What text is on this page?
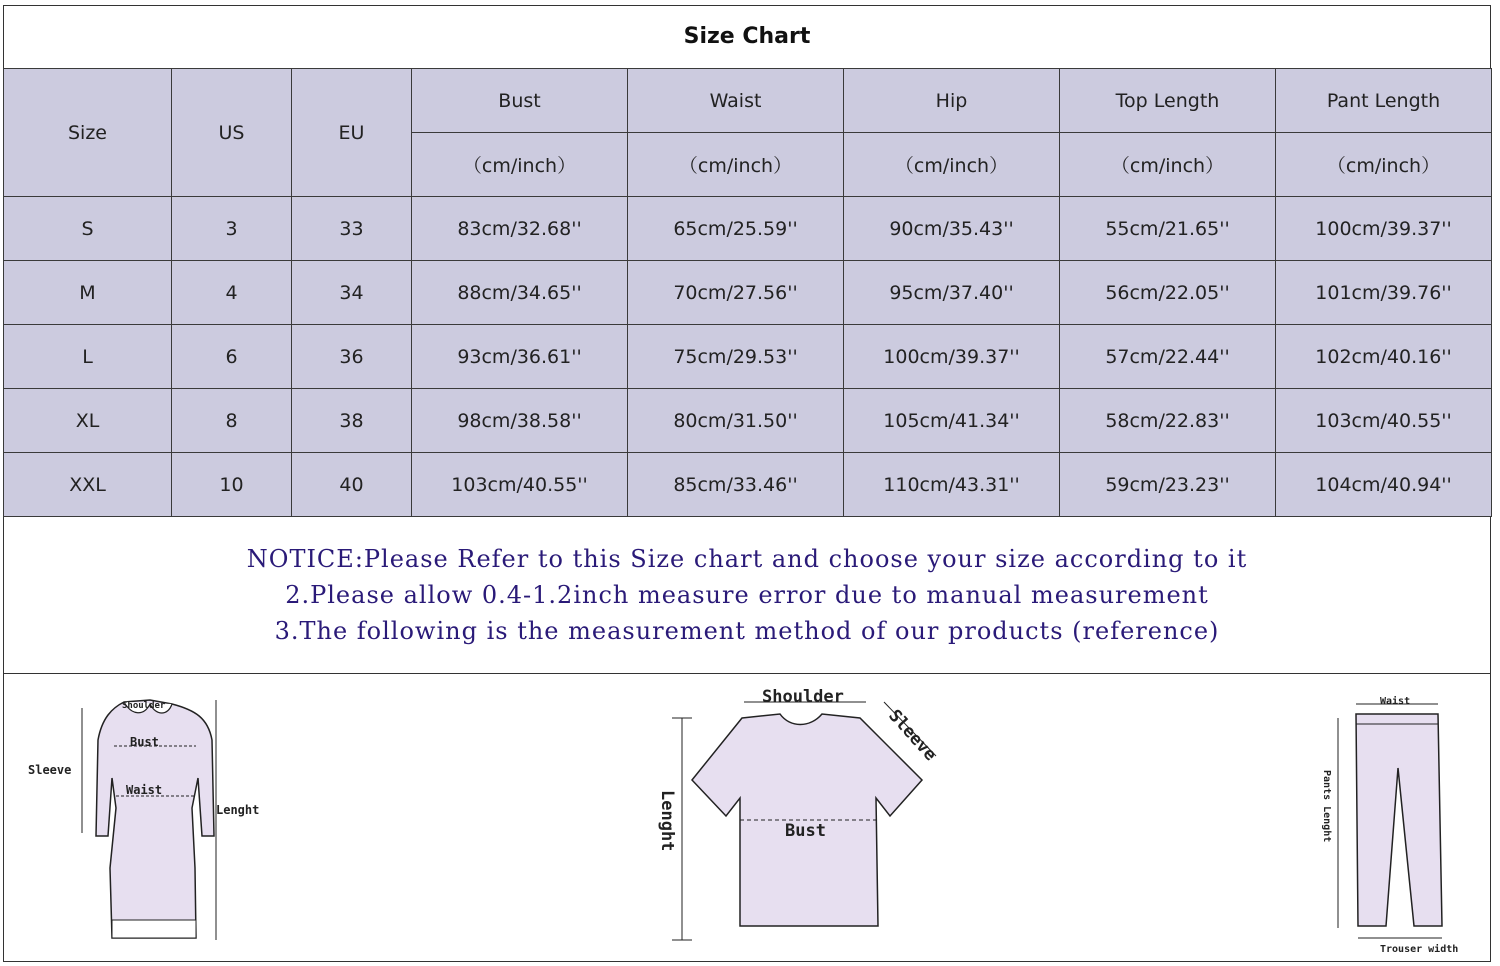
Size Chart
Size	US	EU	Bust	Waist	Hip	Top Length	Pant Length
			（cm/inch）	（cm/inch）	（cm/inch）	（cm/inch）	（cm/inch）
S	3	33	83cm/32.68''	65cm/25.59''	90cm/35.43''	55cm/21.65''	100cm/39.37''
M	4	34	88cm/34.65''	70cm/27.56''	95cm/37.40''	56cm/22.05''	101cm/39.76''
L	6	36	93cm/36.61''	75cm/29.53''	100cm/39.37''	57cm/22.44''	102cm/40.16''
XL	8	38	98cm/38.58''	80cm/31.50''	105cm/41.34''	58cm/22.83''	103cm/40.55''
XXL	10	40	103cm/40.55''	85cm/33.46''	110cm/43.31''	59cm/23.23''	104cm/40.94''
NOTICE:Please Refer to this Size chart and choose your size according to it
2.Please allow 0.4-1.2inch measure error due to manual measurement
3.The following is the measurement method of our products (reference)
Shoulder
Sleeve
Bust
Waist
Lenght
Shoulder
Sleeve
Lenght	Bust
Waist
Pants Lenght
Trouser width
